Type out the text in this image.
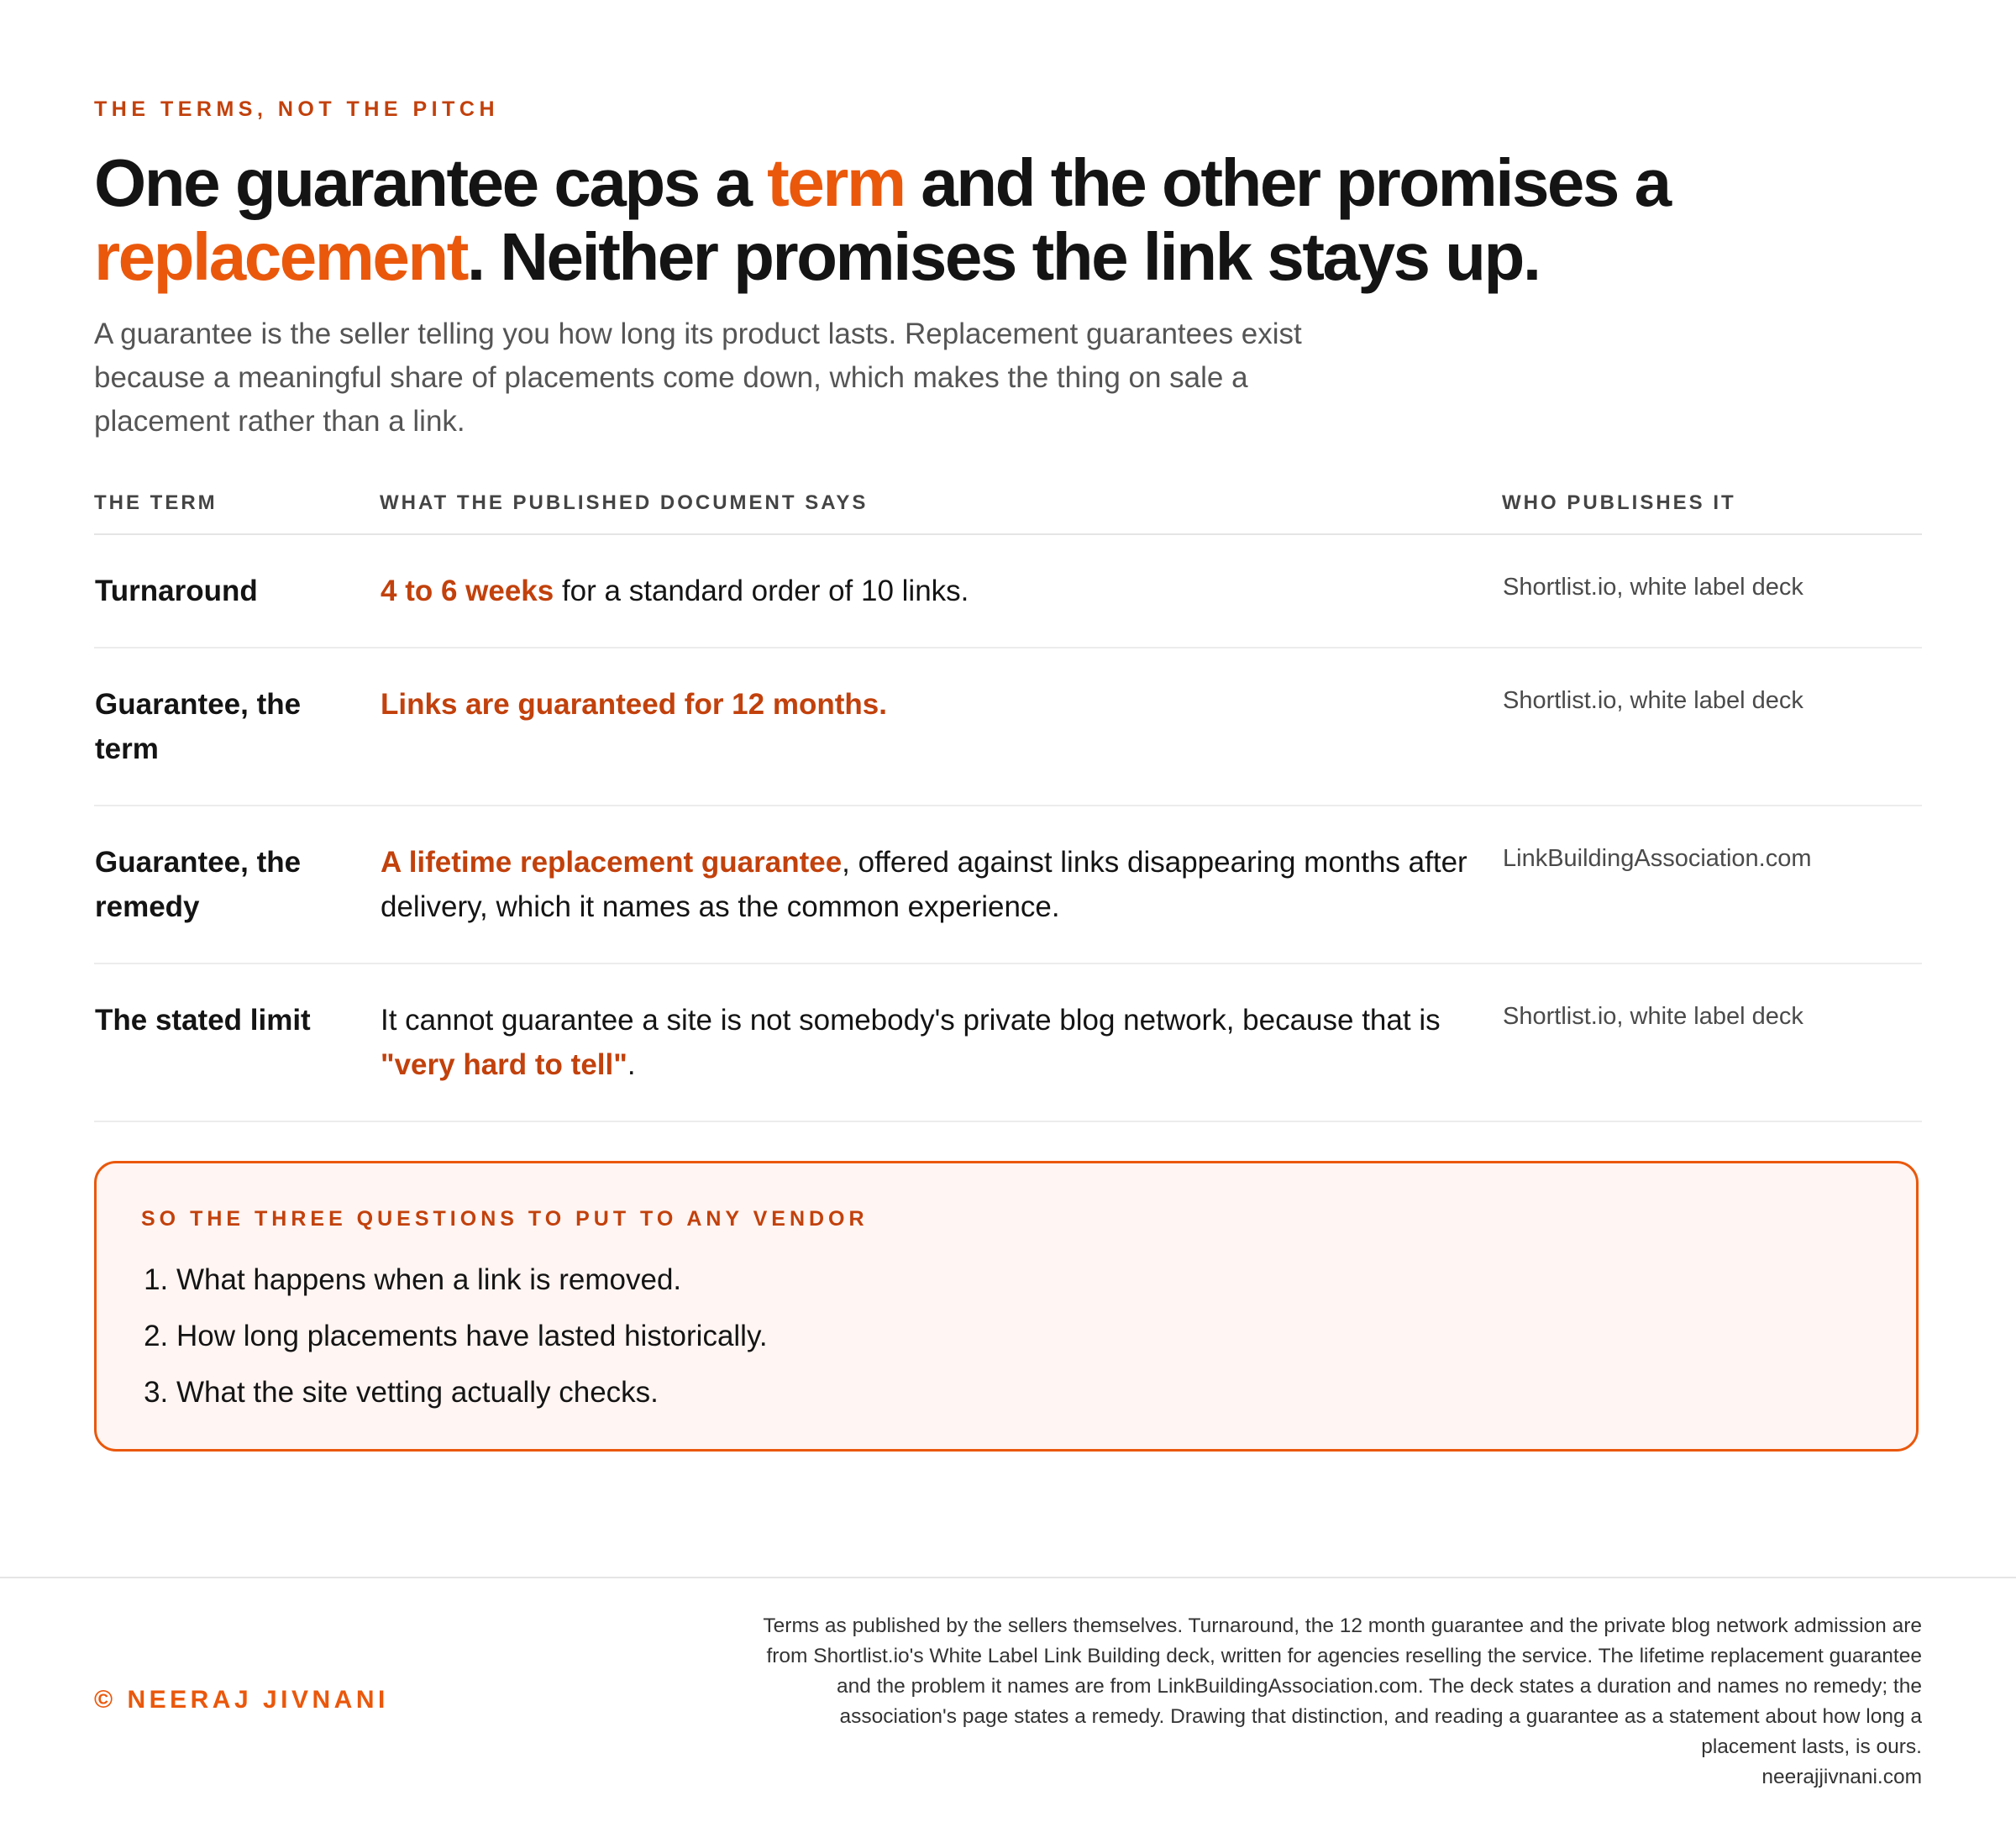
THE TERMS, NOT THE PITCH
One guarantee caps a term and the other promises a replacement. Neither promises the link stays up.

A guarantee is the seller telling you how long its product lasts. Replacement guarantees exist because a meaningful share of placements come down, which makes the thing on sale a placement rather than a link.

THE TERM	WHAT THE PUBLISHED DOCUMENT SAYS	WHO PUBLISHES IT
Turnaround	4 to 6 weeks for a standard order of 10 links.	Shortlist.io, white label deck
Guarantee, the term	Links are guaranteed for 12 months.	Shortlist.io, white label deck
Guarantee, the remedy	A lifetime replacement guarantee, offered against links disappearing months after delivery, which it names as the common experience.	LinkBuildingAssociation.com
The stated limit	It cannot guarantee a site is not somebody's private blog network, because that is "very hard to tell".	Shortlist.io, white label deck
SO THE THREE QUESTIONS TO PUT TO ANY VENDOR
1. What happens when a link is removed.
2. How long placements have lasted historically.
3. What the site vetting actually checks.
© NEERAJ JIVNANI

Terms as published by the sellers themselves. Turnaround, the 12 month guarantee and the private blog network admission are from Shortlist.io's White Label Link Building deck, written for agencies reselling the service. The lifetime replacement guarantee and the problem it names are from LinkBuildingAssociation.com. The deck states a duration and names no remedy; the association's page states a remedy. Drawing that distinction, and reading a guarantee as a statement about how long a placement lasts, is ours.

neerajjivnani.com
